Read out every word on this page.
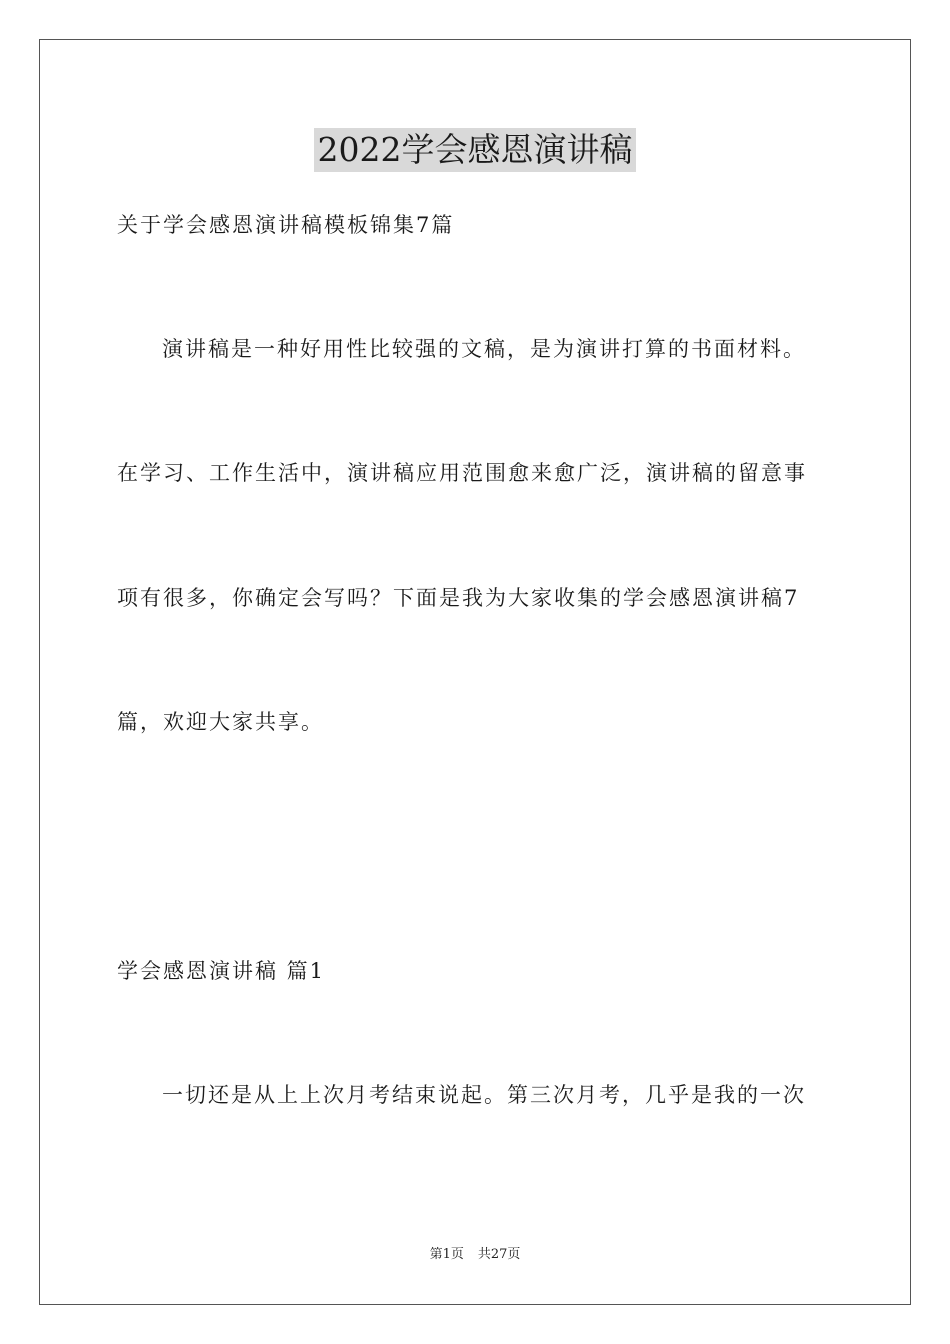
2022学会感恩演讲稿

关于学会感恩演讲稿模板锦集7篇

演讲稿是一种好用性比较强的文稿，是为演讲打算的书面材料。

在学习、工作生活中，演讲稿应用范围愈来愈广泛，演讲稿的留意事

项有很多，你确定会写吗？下面是我为大家收集的学会感恩演讲稿7

篇，欢迎大家共享。

学会感恩演讲稿 篇1

一切还是从上上次月考结束说起。第三次月考，几乎是我的一次

第1页 共27页
